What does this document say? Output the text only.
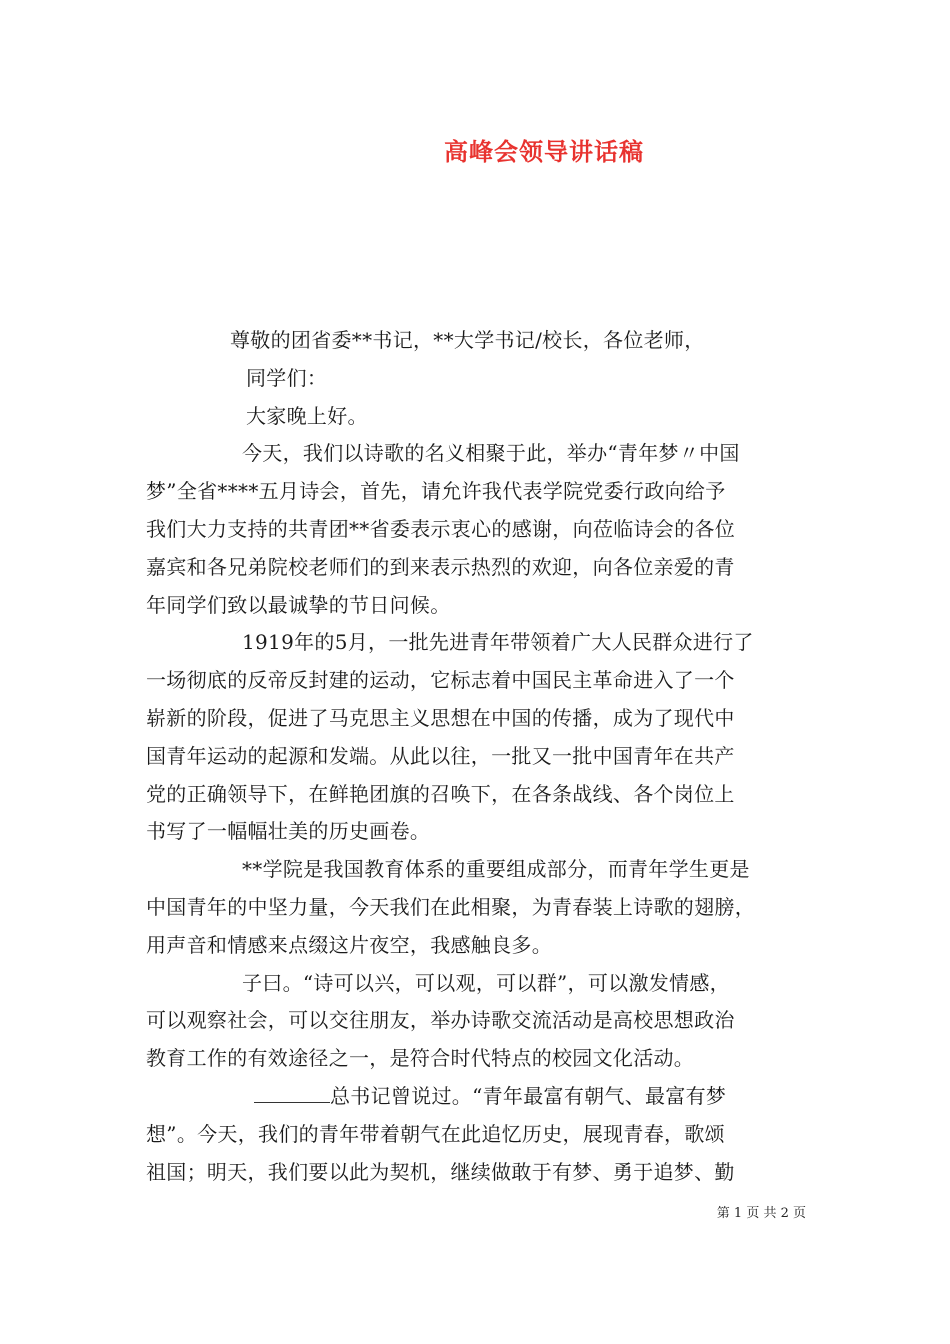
高峰会领导讲话稿
尊敬的团省委**书记，**大学书记/校长，各位老师，
同学们：
大家晚上好。
今天，我们以诗歌的名义相聚于此，举办“青年梦〃中国
梦”全省****五月诗会，首先，请允许我代表学院党委行政向给予
我们大力支持的共青团**省委表示衷心的感谢，向莅临诗会的各位
嘉宾和各兄弟院校老师们的到来表示热烈的欢迎，向各位亲爱的青
年同学们致以最诚挚的节日问候。
1919年的5月，一批先进青年带领着广大人民群众进行了
一场彻底的反帝反封建的运动，它标志着中国民主革命进入了一个
崭新的阶段，促进了马克思主义思想在中国的传播，成为了现代中
国青年运动的起源和发端。从此以往，一批又一批中国青年在共产
党的正确领导下，在鲜艳团旗的召唤下，在各条战线、各个岗位上
书写了一幅幅壮美的历史画卷。
**学院是我国教育体系的重要组成部分，而青年学生更是
中国青年的中坚力量，今天我们在此相聚，为青春装上诗歌的翅膀，
用声音和情感来点缀这片夜空，我感触良多。
子曰。“诗可以兴，可以观，可以群”，可以激发情感，
可以观察社会，可以交往朋友，举办诗歌交流活动是高校思想政治
教育工作的有效途径之一，是符合时代特点的校园文化活动。
总书记曾说过。“青年最富有朝气、最富有梦
想”。今天，我们的青年带着朝气在此追忆历史，展现青春，歌颂
祖国；明天，我们要以此为契机，继续做敢于有梦、勇于追梦、勤
第 1 页 共 2 页
